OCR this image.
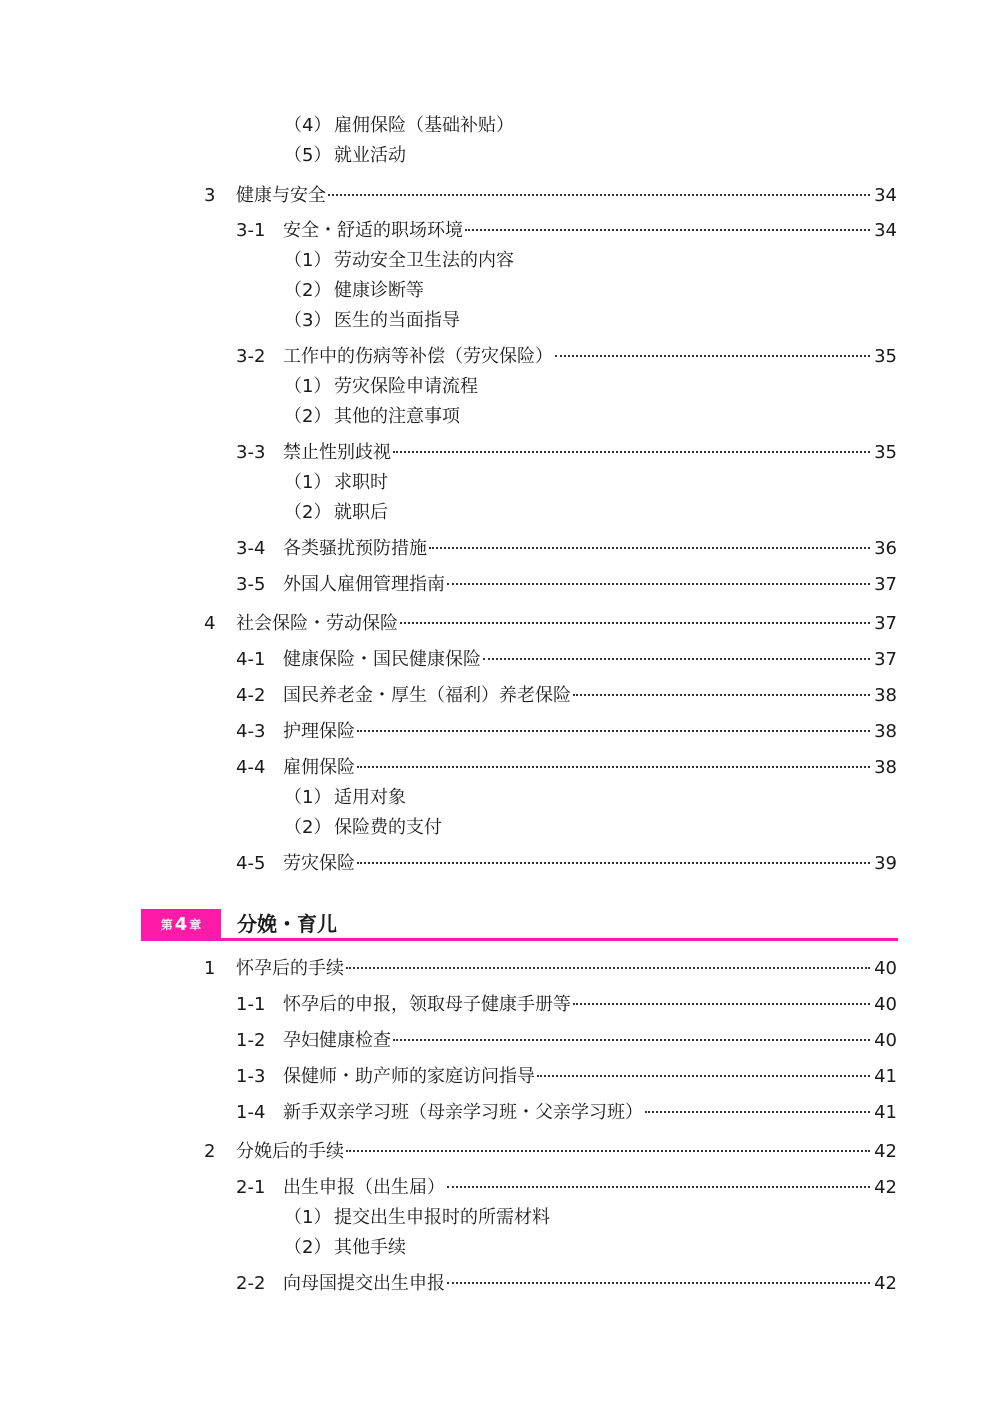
（4） 雇佣保险（基础补贴）
（5） 就业活动
3 健康与安全	34
3-1 安全・舒适的职场环境	34
（1） 劳动安全卫生法的内容
（2） 健康诊断等
（3） 医生的当面指导
3-2 工作中的伤病等补偿（劳灾保险）	35
（1） 劳灾保险申请流程
（2） 其他的注意事项
3-3 禁止性别歧视	35
（1） 求职时
（2） 就职后
3-4 各类骚扰预防措施	36
3-5 外国人雇佣管理指南	37
4 社会保险・劳动保险	37
4-1 健康保险・国民健康保险	37
4-2 国民养老金・厚生（福利）养老保险	38
4-3 护理保险	38
4-4 雇佣保险	38
（1） 适用对象
（2） 保险费的支付
4-5 劳灾保险	39
1 怀孕后的手续	40
1-1 怀孕后的申报，领取母子健康手册等	40
1-2 孕妇健康检查	40
1-3 保健师・助产师的家庭访问指导	41
1-4 新手双亲学习班（母亲学习班・父亲学习班）	41
2 分娩后的手续	42
2-1 出生申报（出生届）	42
（1） 提交出生申报时的所需材料
（2） 其他手续
2-2 向母国提交出生申报	42
第 4 章 分娩・育儿
